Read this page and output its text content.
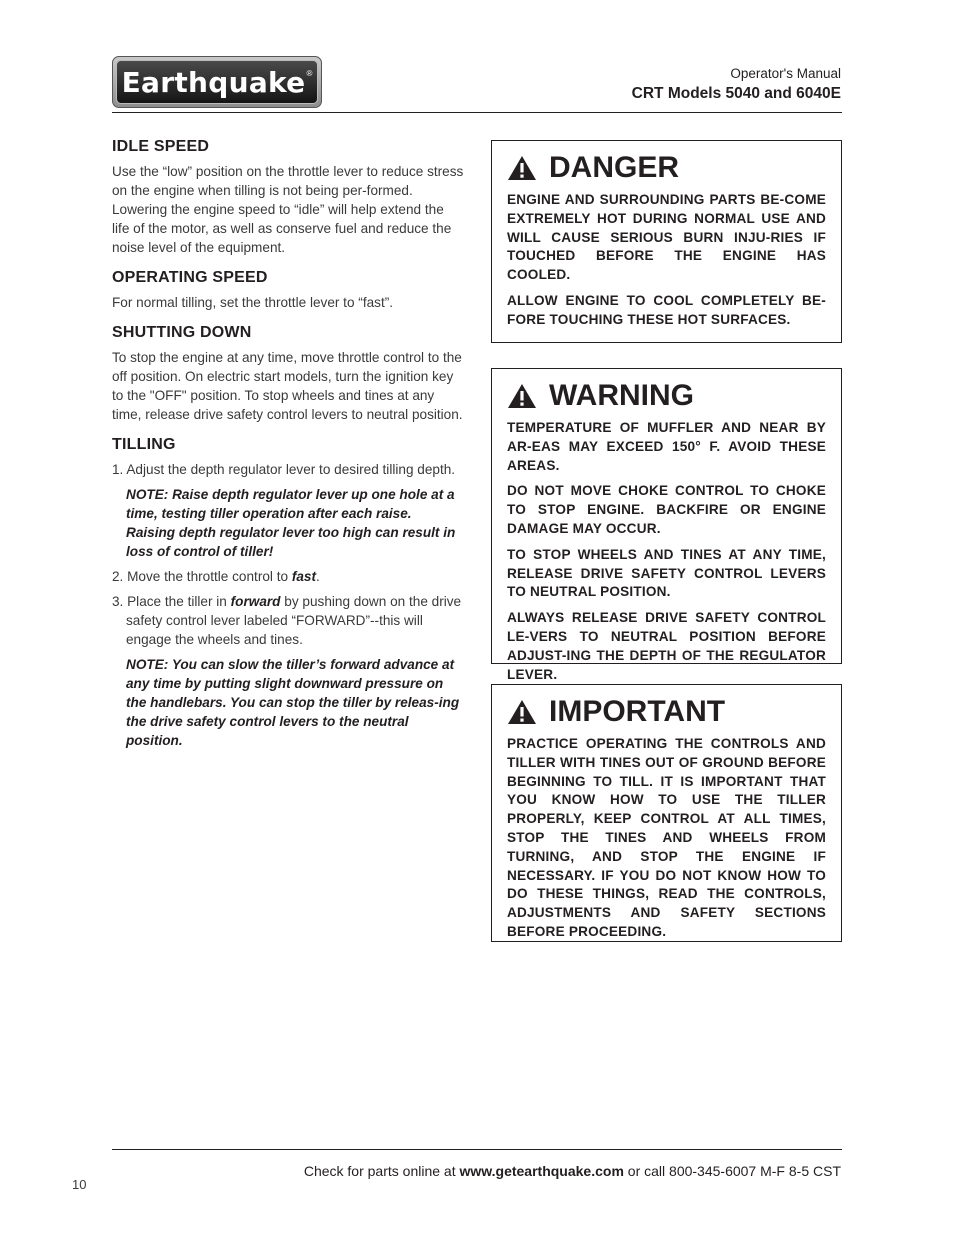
Earthquake ®	Operator's Manual
CRT Models 5040 and 6040E
IDLE SPEED

Use the “low” position on the throttle lever to reduce stress on the engine when tilling is not being per-formed. Lowering the engine speed to “idle” will help extend the life of the motor, as well as conserve fuel and reduce the noise level of the equipment.

OPERATING SPEED

For normal tilling, set the throttle lever to “fast”.

SHUTTING DOWN

To stop the engine at any time, move throttle control to the off position. On electric start models, turn the ignition key to the "OFF" position. To stop wheels and tines at any time, release drive safety control levers to neutral position.

TILLING

1. Adjust the depth regulator lever to desired tilling depth.

NOTE: Raise depth regulator lever up one hole at a time, testing tiller operation after each raise. Raising depth regulator lever too high can result in loss of control of tiller!

2. Move the throttle control to fast.

3. Place the tiller in forward by pushing down on the drive safety control lever labeled “FORWARD”--this will engage the wheels and tines.

NOTE: You can slow the tiller’s forward advance at any time by putting slight downward pressure on the handlebars. You can stop the tiller by releas-ing the drive safety control levers to the neutral position.

DANGER

ENGINE AND SURROUNDING PARTS BE-COME EXTREMELY HOT DURING NORMAL USE AND WILL CAUSE SERIOUS BURN INJU-RIES IF TOUCHED BEFORE THE ENGINE HAS COOLED.

ALLOW ENGINE TO COOL COMPLETELY BE-FORE TOUCHING THESE HOT SURFACES.

WARNING

TEMPERATURE OF MUFFLER AND NEAR BY AR-EAS MAY EXCEED 150° F. AVOID THESE AREAS.

DO NOT MOVE CHOKE CONTROL TO CHOKE TO STOP ENGINE. BACKFIRE OR ENGINE DAMAGE MAY OCCUR.

TO STOP WHEELS AND TINES AT ANY TIME, RELEASE DRIVE SAFETY CONTROL LEVERS TO NEUTRAL POSITION.

ALWAYS RELEASE DRIVE SAFETY CONTROL LE-VERS TO NEUTRAL POSITION BEFORE ADJUST-ING THE DEPTH OF THE REGULATOR LEVER.

IMPORTANT

PRACTICE OPERATING THE CONTROLS AND TILLER WITH TINES OUT OF GROUND BEFORE BEGINNING TO TILL. IT IS IMPORTANT THAT YOU KNOW HOW TO USE THE TILLER PROPERLY, KEEP CONTROL AT ALL TIMES, STOP THE TINES AND WHEELS FROM TURNING, AND STOP THE ENGINE IF NECESSARY. IF YOU DO NOT KNOW HOW TO DO THESE THINGS, READ THE CONTROLS, ADJUSTMENTS AND SAFETY SECTIONS BEFORE PROCEEDING.

Check for parts online at www.getearthquake.com or call 800-345-6007 M-F 8-5 CST
10
